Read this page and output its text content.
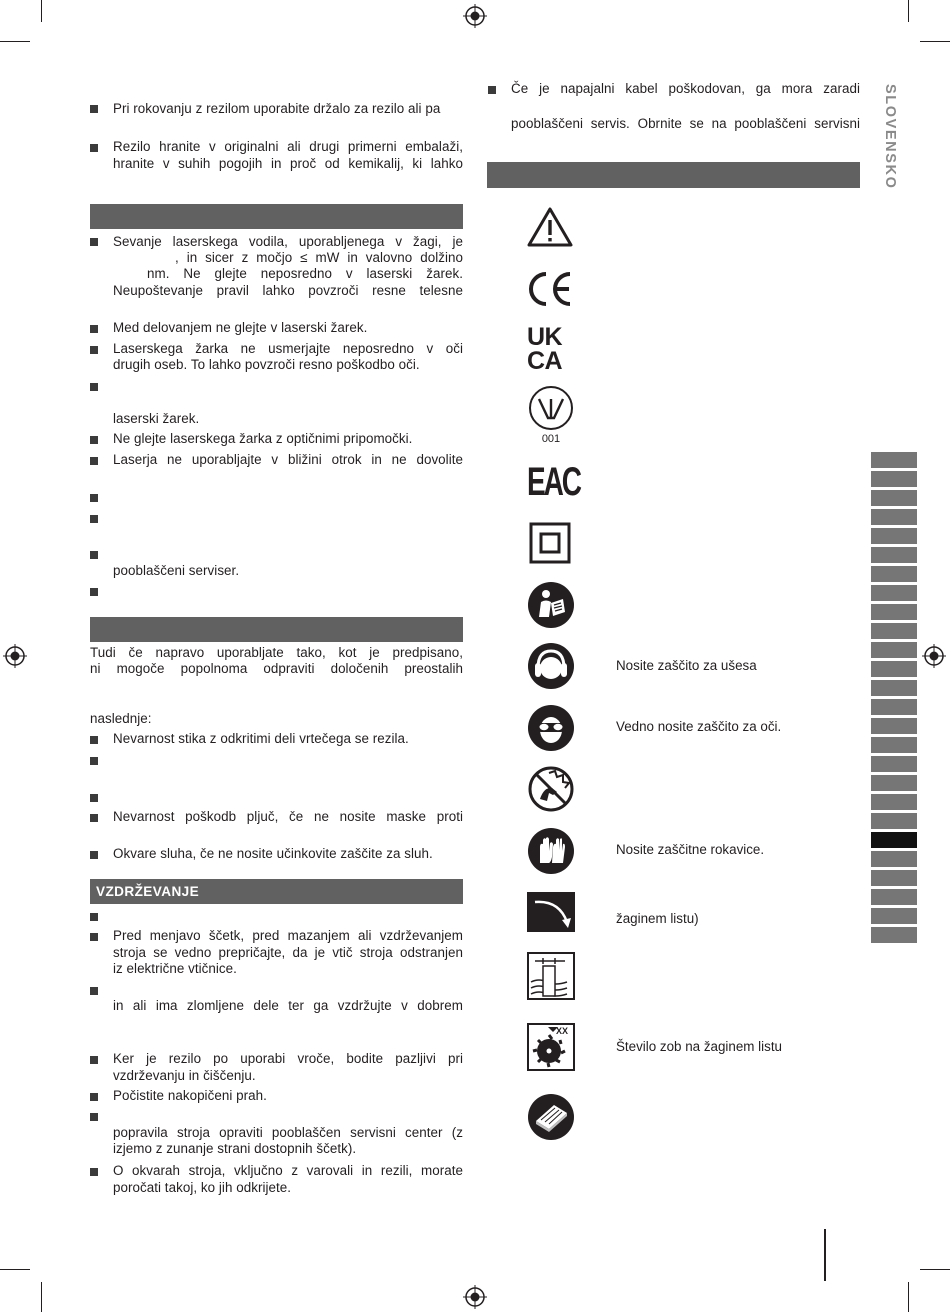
SLOVENSKO
Pri rokovanju z rezilom uporabite držalo za rezilo ali pa
Rezilo hranite v originalni ali drugi primerni embalaži,
hranite v suhih pogojih in proč od kemikalij, ki lahko
Sevanje laserskega vodila, uporabljenega v žagi, je
, in sicer z močjo ≤ mW in valovno dolžino
nm. Ne glejte neposredno v laserski žarek.
Neupoštevanje pravil lahko povzroči resne telesne
Med delovanjem ne glejte v laserski žarek.
Laserskega žarka ne usmerjajte neposredno v oči
drugih oseb. To lahko povzroči resno poškodbo oči.
laserski žarek.
Ne glejte laserskega žarka z optičnimi pripomočki.
Laserja ne uporabljajte v bližini otrok in ne dovolite
pooblaščeni serviser.
Tudi če napravo uporabljate tako, kot je predpisano,
ni mogoče popolnoma odpraviti določenih preostalih
naslednje:
Nevarnost stika z odkritimi deli vrtečega se rezila.
Nevarnost poškodb pljuč, če ne nosite maske proti
Okvare sluha, če ne nosite učinkovite zaščite za sluh.
VZDRŽEVANJE
Pred menjavo ščetk, pred mazanjem ali vzdrževanjem
stroja se vedno prepričajte, da je vtič stroja odstranjen
iz električne vtičnice.
in ali ima zlomljene dele ter ga vzdržujte v dobrem
Ker je rezilo po uporabi vroče, bodite pazljivi pri
vzdrževanju in čiščenju.
Počistite nakopičeni prah.
popravila stroja opraviti pooblaščen servisni center (z
izjemo z zunanje strani dostopnih ščetk).
O okvarah stroja, vključno z varovali in rezili, morate
poročati takoj, ko jih odkrijete.
Če je napajalni kabel poškodovan, ga mora zaradi
pooblaščeni servis. Obrnite se na pooblaščeni servisni
UK
CA
001
EAC
Nosite zaščito za ušesa
Vedno nosite zaščito za oči.
Nosite zaščitne rokavice.
žaginem listu)
XX
Število zob na žaginem listu
